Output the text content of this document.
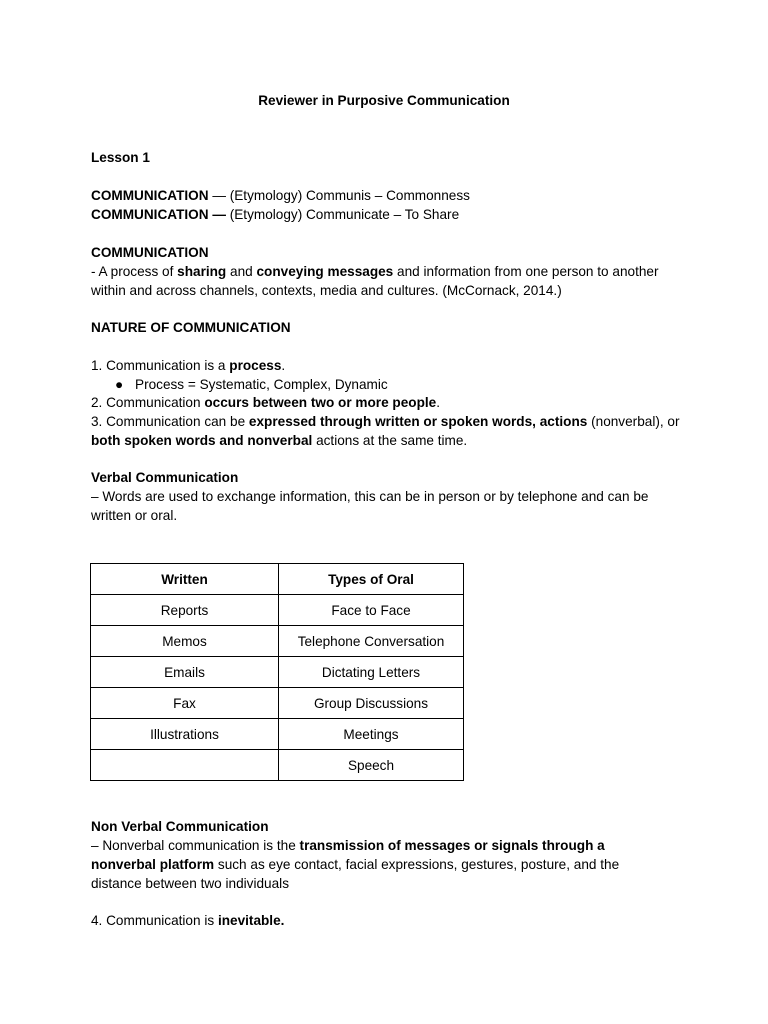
Reviewer in Purposive Communication
Lesson 1
COMMUNICATION — (Etymology) Communis – Commonness
COMMUNICATION — (Etymology) Communicate – To Share
COMMUNICATION
- A process of sharing and conveying messages and information from one person to another within and across channels, contexts, media and cultures. (McCornack, 2014.)
NATURE OF COMMUNICATION
1. Communication is a process.
● Process = Systematic, Complex, Dynamic
2. Communication occurs between two or more people.
3. Communication can be expressed through written or spoken words, actions (nonverbal), or both spoken words and nonverbal actions at the same time.
Verbal Communication
– Words are used to exchange information, this can be in person or by telephone and can be written or oral.
Written	Types of Oral
Reports	Face to Face
Memos	Telephone Conversation
Emails	Dictating Letters
Fax	Group Discussions
Illustrations	Meetings
	Speech
Non Verbal Communication
– Nonverbal communication is the transmission of messages or signals through a nonverbal platform such as eye contact, facial expressions, gestures, posture, and the distance between two individuals
4. Communication is inevitable.
